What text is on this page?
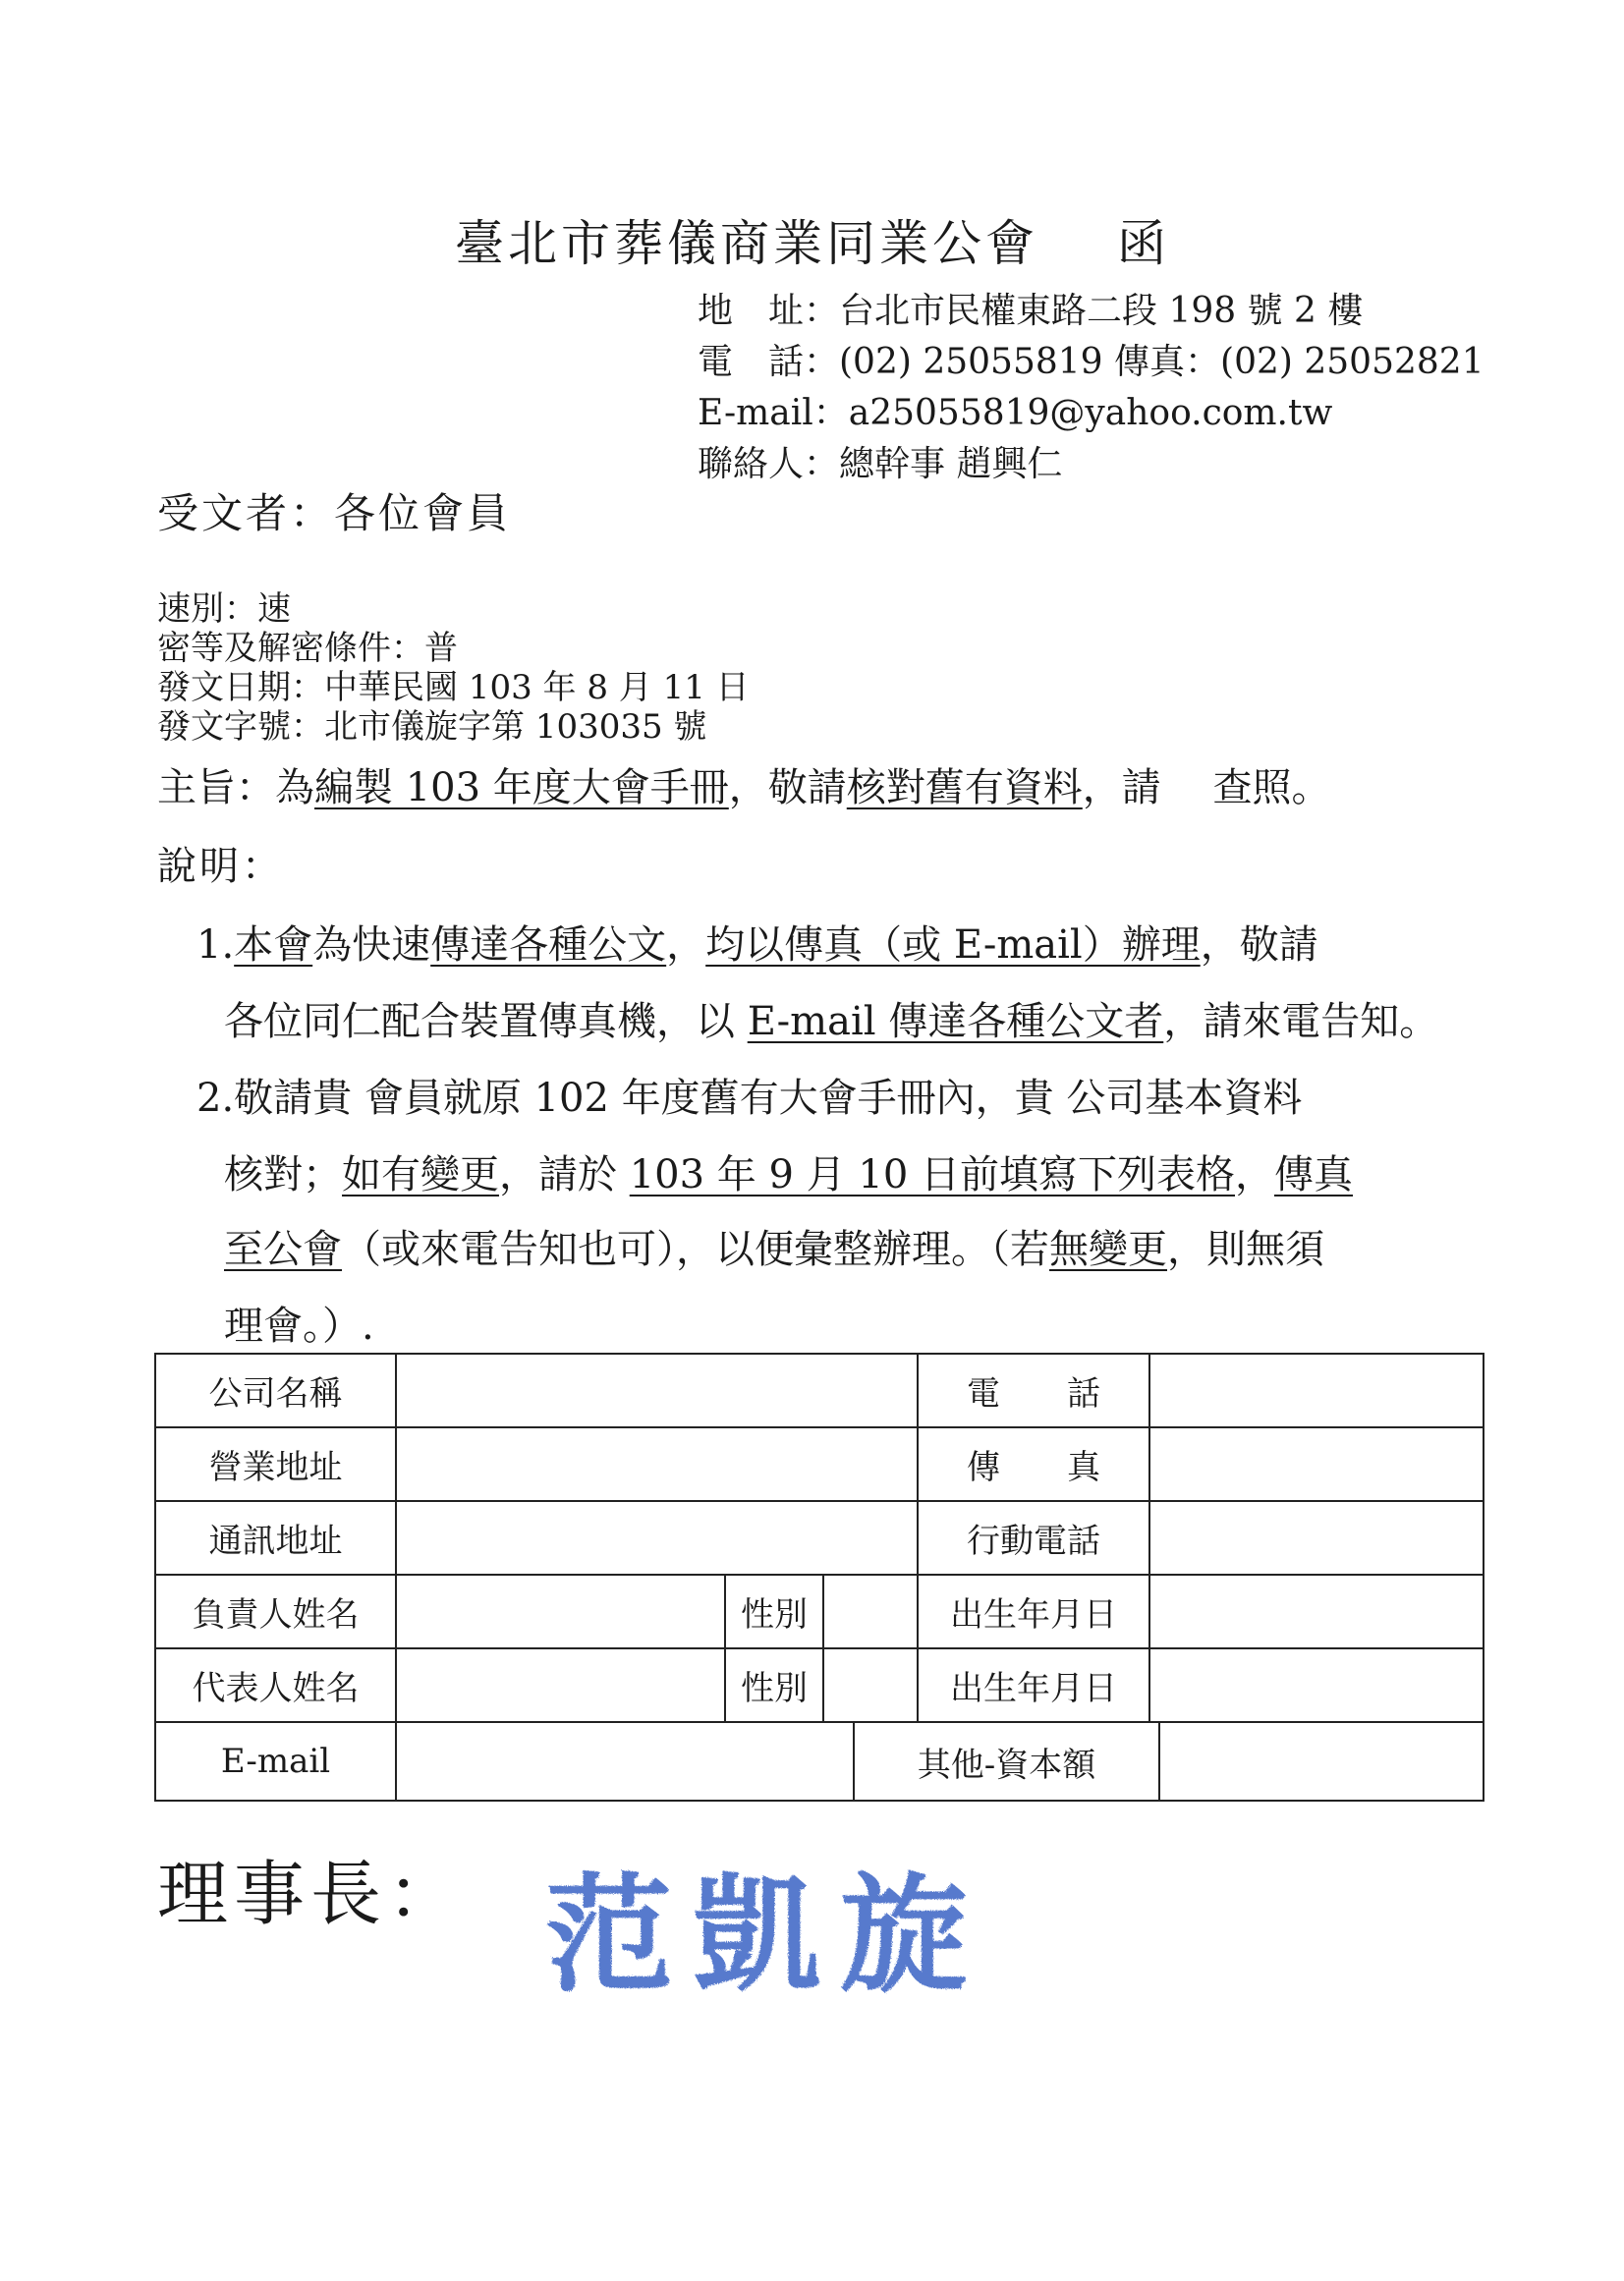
臺北市葬儀商業同業公會 函
地　址：台北市民權東路二段 198 號 2 樓
電　話：(02) 25055819 傳真：(02) 25052821
E-mail：a25055819@yahoo.com.tw
聯絡人：總幹事 趙興仁
受文者：各位會員
速別：速
密等及解密條件：普
發文日期：中華民國 103 年 8 月 11 日
發文字號：北市儀旋字第 103035 號
主旨：為編製 103 年度大會手冊，敬請核對舊有資料，請　 查照。
說明：
1.本會為快速傳達各種公文，均以傳真（或 E-mail）辦理，敬請
各位同仁配合裝置傳真機，以 E-mail 傳達各種公文者，請來電告知。
2.敬請貴 會員就原 102 年度舊有大會手冊內，貴 公司基本資料
核對；如有變更，請於 103 年 9 月 10 日前填寫下列表格，傳真
至公會（或來電告知也可），以便彙整辦理。（若無變更，則無須
理會。）.
公司名稱					電　　話		
營業地址					傳　　真		
通訊地址					行動電話		
負責人姓名		性別			出生年月日		
代表人姓名		性別			出生年月日		
E-mail				其他-資本額			
理事長： 范凱旋
